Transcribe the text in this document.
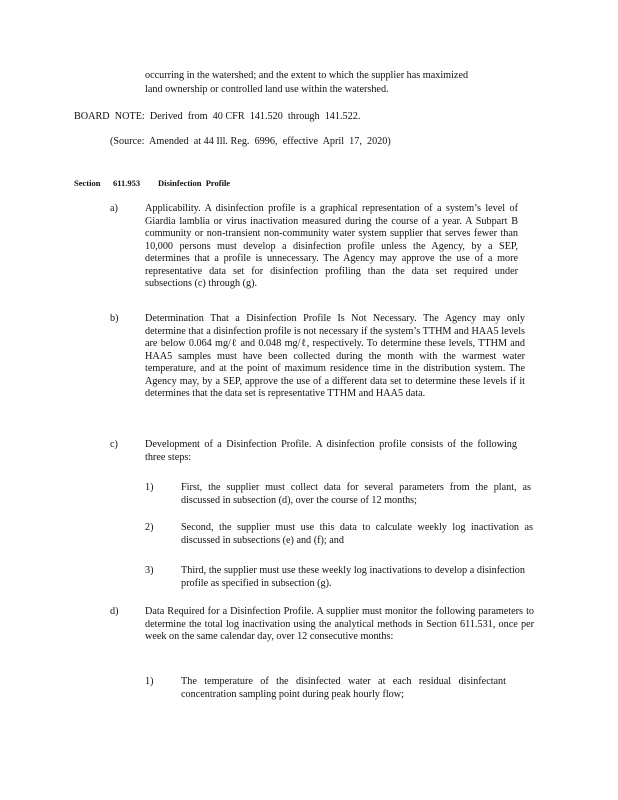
occurring in the watershed; and the extent to which the supplier has maximized
land ownership or controlled land use within the watershed.
BOARD  NOTE:  Derived  from  40 CFR  141.520  through  141.522.
(Source:  Amended  at 44 Ill. Reg.  6996,  effective  April  17,  2020)
Section 611.953 Disinfection  Profile
a)	Applicability. A disinfection profile is a graphical representation of a system’s level of Giardia lamblia or virus inactivation measured during the course of a year. A Subpart B community or non-transient non-community water system supplier that serves fewer than 10,000 persons must develop a disinfection profile unless the Agency, by a SEP, determines that a profile is unnecessary. The Agency may approve the use of a more representative data set for disinfection profiling than the data set required under subsections (c) through (g).
b)	Determination That a Disinfection Profile Is Not Necessary. The Agency may only determine that a disinfection profile is not necessary if the system’s TTHM and HAA5 levels are below 0.064 mg/ℓ and 0.048 mg/ℓ, respectively. To determine these levels, TTHM and HAA5 samples must have been collected during the month with the warmest water temperature, and at the point of maximum residence time in the distribution system. The Agency may, by a SEP, approve the use of a different data set to determine these levels if it determines that the data set is representative TTHM and HAA5 data.
c)	Development of a Disinfection Profile. A disinfection profile consists of the following three steps:
1)	First, the supplier must collect data for several parameters from the plant, as discussed in subsection (d), over the course of 12 months;
2)	Second, the supplier must use this data to calculate weekly log inactivation as discussed in subsections (e) and (f); and
3)	Third, the supplier must use these weekly log inactivations to develop a disinfection profile as specified in subsection (g).
d)	Data Required for a Disinfection Profile. A supplier must monitor the following parameters to determine the total log inactivation using the analytical methods in Section 611.531, once per week on the same calendar day, over 12 consecutive months:
1)	The temperature of the disinfected water at each residual disinfectant concentration sampling point during peak hourly flow;
